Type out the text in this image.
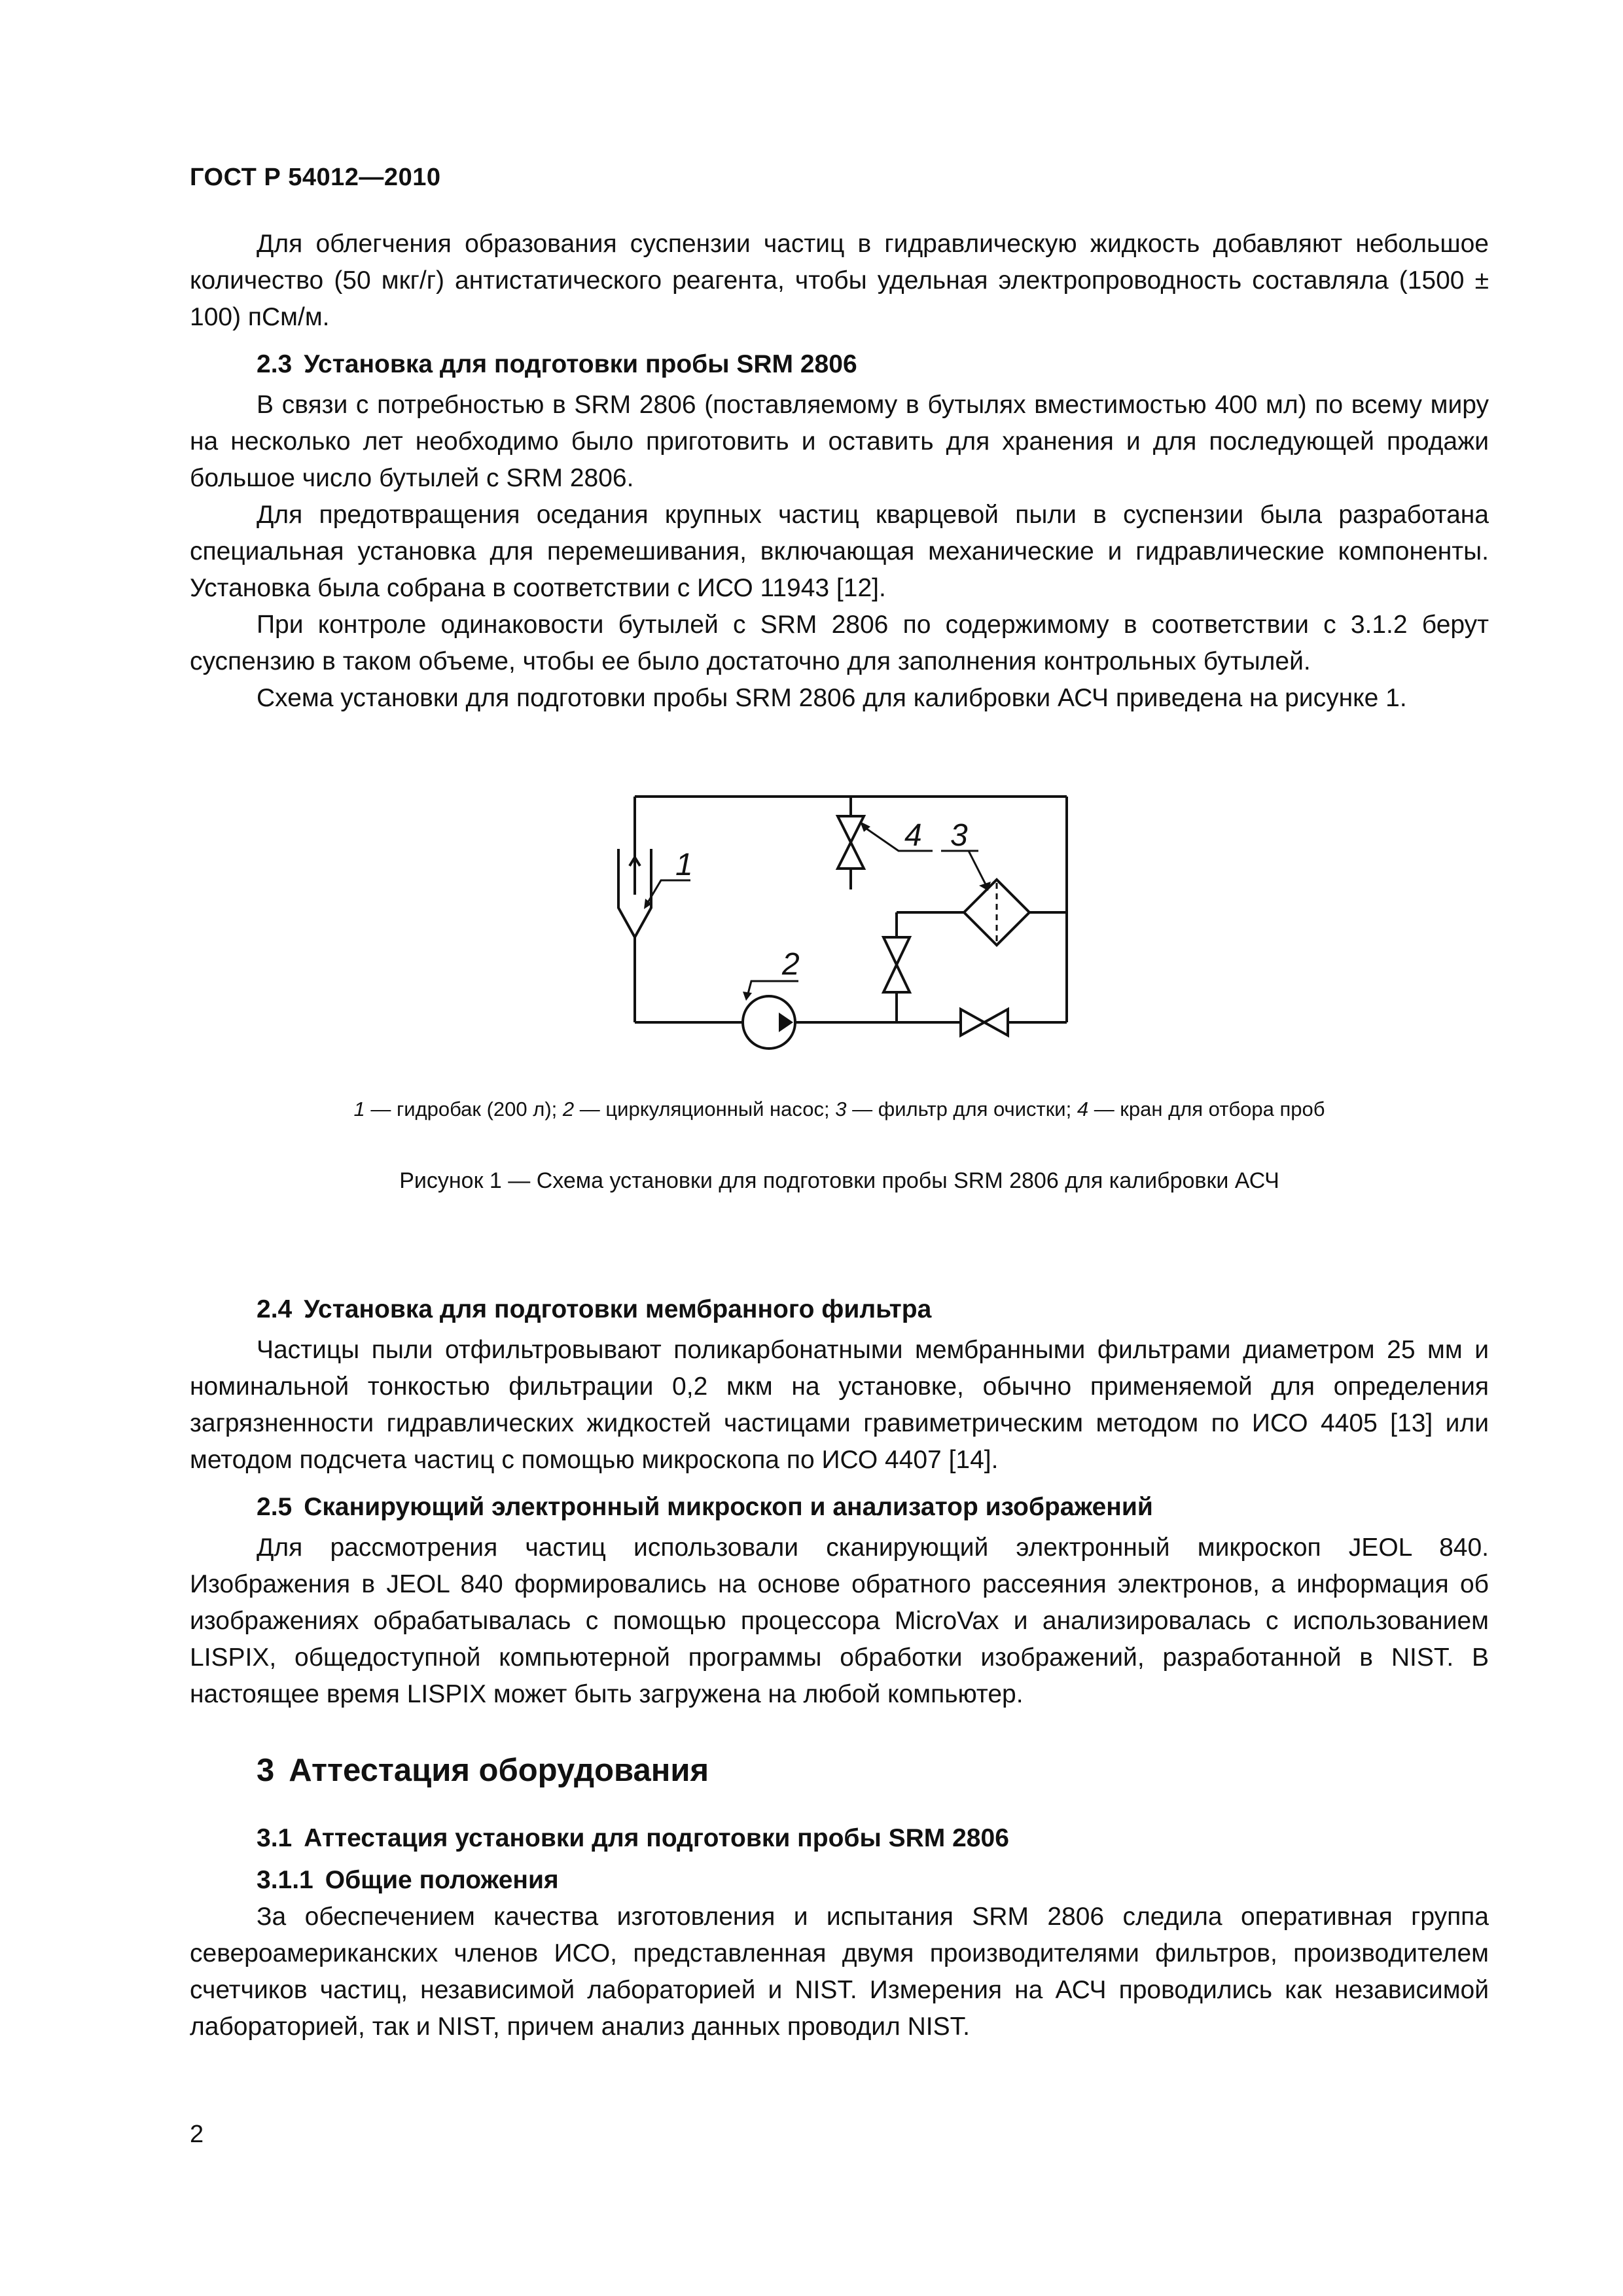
ГОСТ Р 54012—2010

Для облегчения образования суспензии частиц в гидравлическую жидкость добавляют небольшое количество (50 мкг/г) антистатического реагента, чтобы удельная электропроводность составляла (1500 ± 100) пСм/м.

2.3 Установка для подготовки пробы SRM 2806

В связи с потребностью в SRM 2806 (поставляемому в бутылях вместимостью 400 мл) по всему миру на несколько лет необходимо было приготовить и оставить для хранения и для последующей продажи большое число бутылей с SRM 2806.

Для предотвращения оседания крупных частиц кварцевой пыли в суспензии была разработана специальная установка для перемешивания, включающая механические и гидравлические компоненты. Установка была собрана в соответствии с ИСО 11943 [12].

При контроле одинаковости бутылей с SRM 2806 по содержимому в соответствии с 3.1.2 берут суспензию в таком объеме, чтобы ее было достаточно для заполнения контрольных бутылей.

Схема установки для подготовки пробы SRM 2806 для калибровки АСЧ приведена на рисунке 1.

4 3
1
2
1 — гидробак (200 л); 2 — циркуляционный насос; 3 — фильтр для очистки; 4 — кран для отбора проб
Рисунок 1 — Схема установки для подготовки пробы SRM 2806 для калибровки АСЧ
2.4 Установка для подготовки мембранного фильтра

Частицы пыли отфильтровывают поликарбонатными мембранными фильтрами диаметром 25 мм и номинальной тонкостью фильтрации 0,2 мкм на установке, обычно применяемой для определения загрязненности гидравлических жидкостей частицами гравиметрическим методом по ИСО 4405 [13] или методом подсчета частиц с помощью микроскопа по ИСО 4407 [14].

2.5 Сканирующий электронный микроскоп и анализатор изображений

Для рассмотрения частиц использовали сканирующий электронный микроскоп JEOL 840. Изображения в JEOL 840 формировались на основе обратного рассеяния электронов, а информация об изображениях обрабатывалась с помощью процессора MicroVax и анализировалась с использованием LISPIX, общедоступной компьютерной программы обработки изображений, разработанной в NIST. В настоящее время LISPIX может быть загружена на любой компьютер.

3 Аттестация оборудования
3.1 Аттестация установки для подготовки пробы SRM 2806
3.1.1 Общие положения

За обеспечением качества изготовления и испытания SRM 2806 следила оперативная группа североамериканских членов ИСО, представленная двумя производителями фильтров, производителем счетчиков частиц, независимой лабораторией и NIST. Измерения на АСЧ проводились как независимой лабораторией, так и NIST, причем анализ данных проводил NIST.

2
